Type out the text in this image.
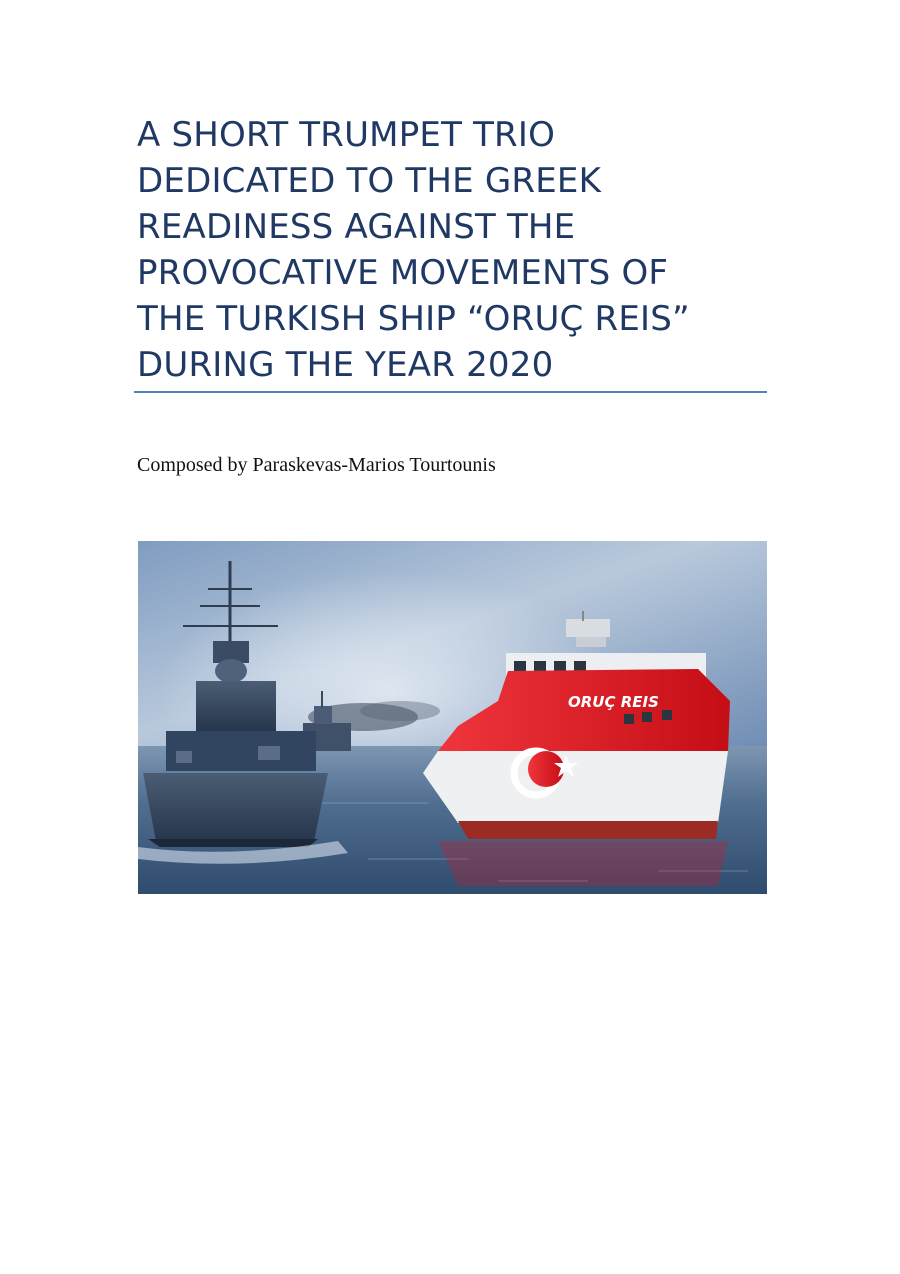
A SHORT TRUMPET TRIO
DEDICATED TO THE GREEK
READINESS AGAINST THE
PROVOCATIVE MOVEMENTS OF
THE TURKISH SHIP “ORUÇ REIS”
DURING THE YEAR 2020
Composed by Paraskevas-Marios Tourtounis
ORUÇ REIS
